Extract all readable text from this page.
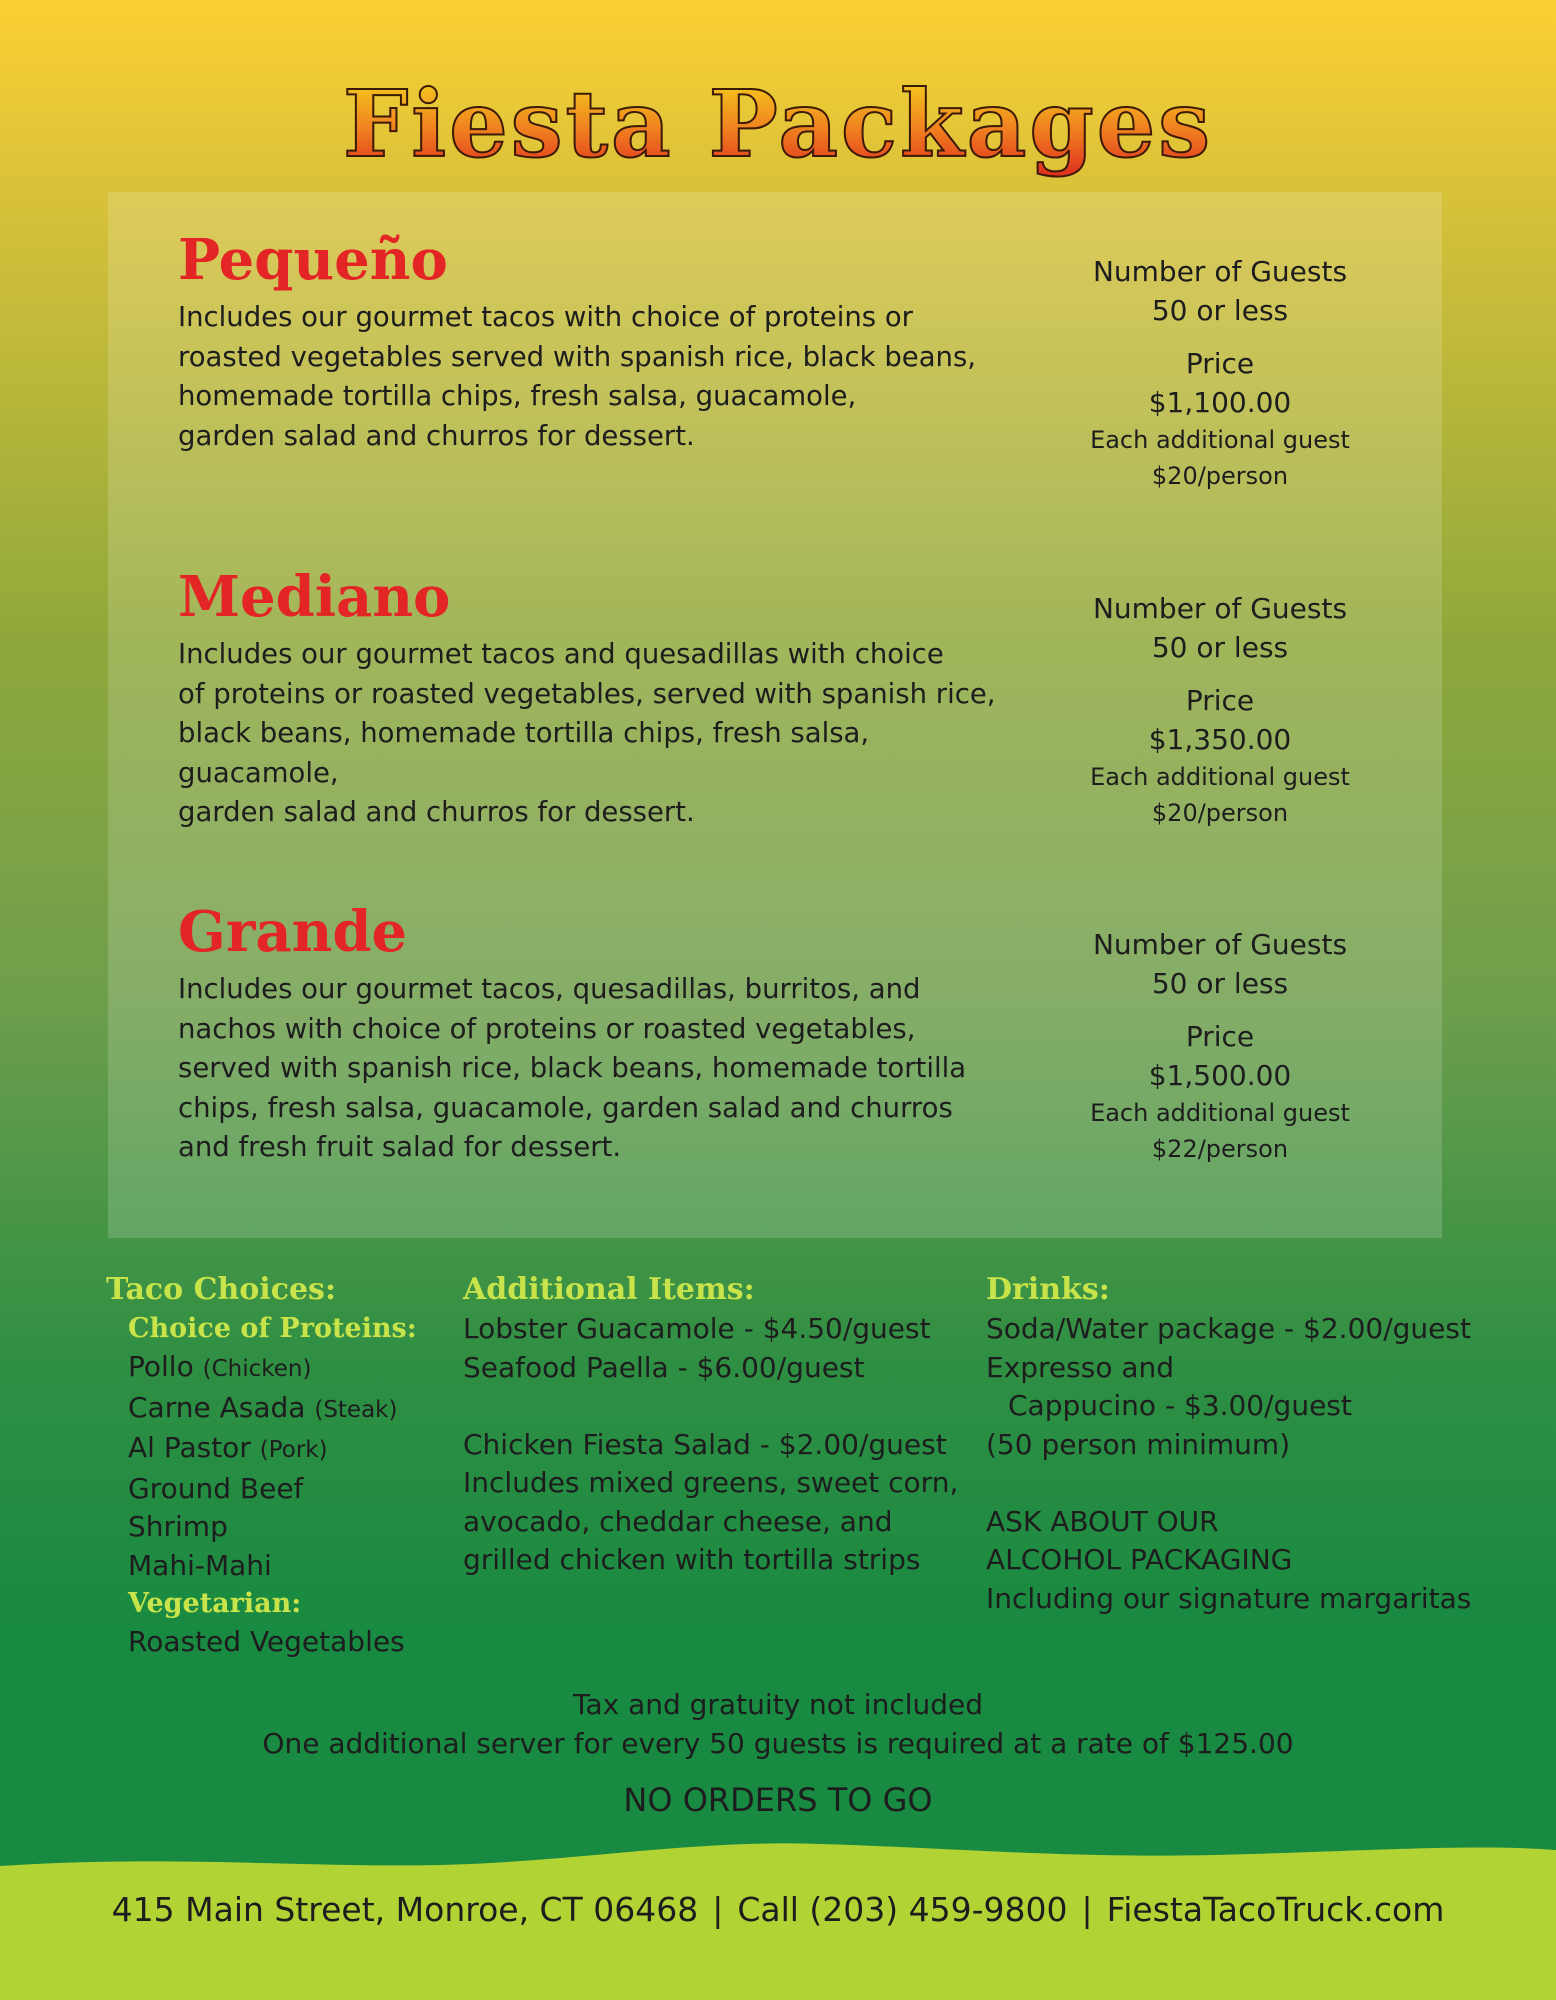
Fiesta Packages
Pequeño
Includes our gourmet tacos with choice of proteins or
roasted vegetables served with spanish rice, black beans,
homemade tortilla chips, fresh salsa, guacamole,
garden salad and churros for dessert.
Number of Guests
50 or less
Price
$1,100.00
Each additional guest $20/person
Mediano
Includes our gourmet tacos and quesadillas with choice
of proteins or roasted vegetables, served with spanish rice,
black beans, homemade tortilla chips, fresh salsa, guacamole,
garden salad and churros for dessert.
Number of Guests
50 or less
Price
$1,350.00
Each additional guest $20/person
Grande
Includes our gourmet tacos, quesadillas, burritos, and
nachos with choice of proteins or roasted vegetables,
served with spanish rice, black beans, homemade tortilla
chips, fresh salsa, guacamole, garden salad and churros
and fresh fruit salad for dessert.
Number of Guests
50 or less
Price
$1,500.00
Each additional guest $22/person
Taco Choices:
Choice of Proteins:
Pollo (Chicken)
Carne Asada (Steak)
Al Pastor (Pork)
Ground Beef
Shrimp
Mahi-Mahi
Vegetarian:
Roasted Vegetables
Additional Items:
Lobster Guacamole - $4.50/guest
Seafood Paella - $6.00/guest
Chicken Fiesta Salad - $2.00/guest
Includes mixed greens, sweet corn,
avocado, cheddar cheese, and
grilled chicken with tortilla strips
Drinks:
Soda/Water package - $2.00/guest
Expresso and
Cappucino - $3.00/guest
(50 person minimum)
ASK ABOUT OUR
ALCOHOL PACKAGING
Including our signature margaritas
Tax and gratuity not included
One additional server for every 50 guests is required at a rate of $125.00
NO ORDERS TO GO
415 Main Street, Monroe, CT 06468 | Call (203) 459-9800 | FiestaTacoTruck.com
